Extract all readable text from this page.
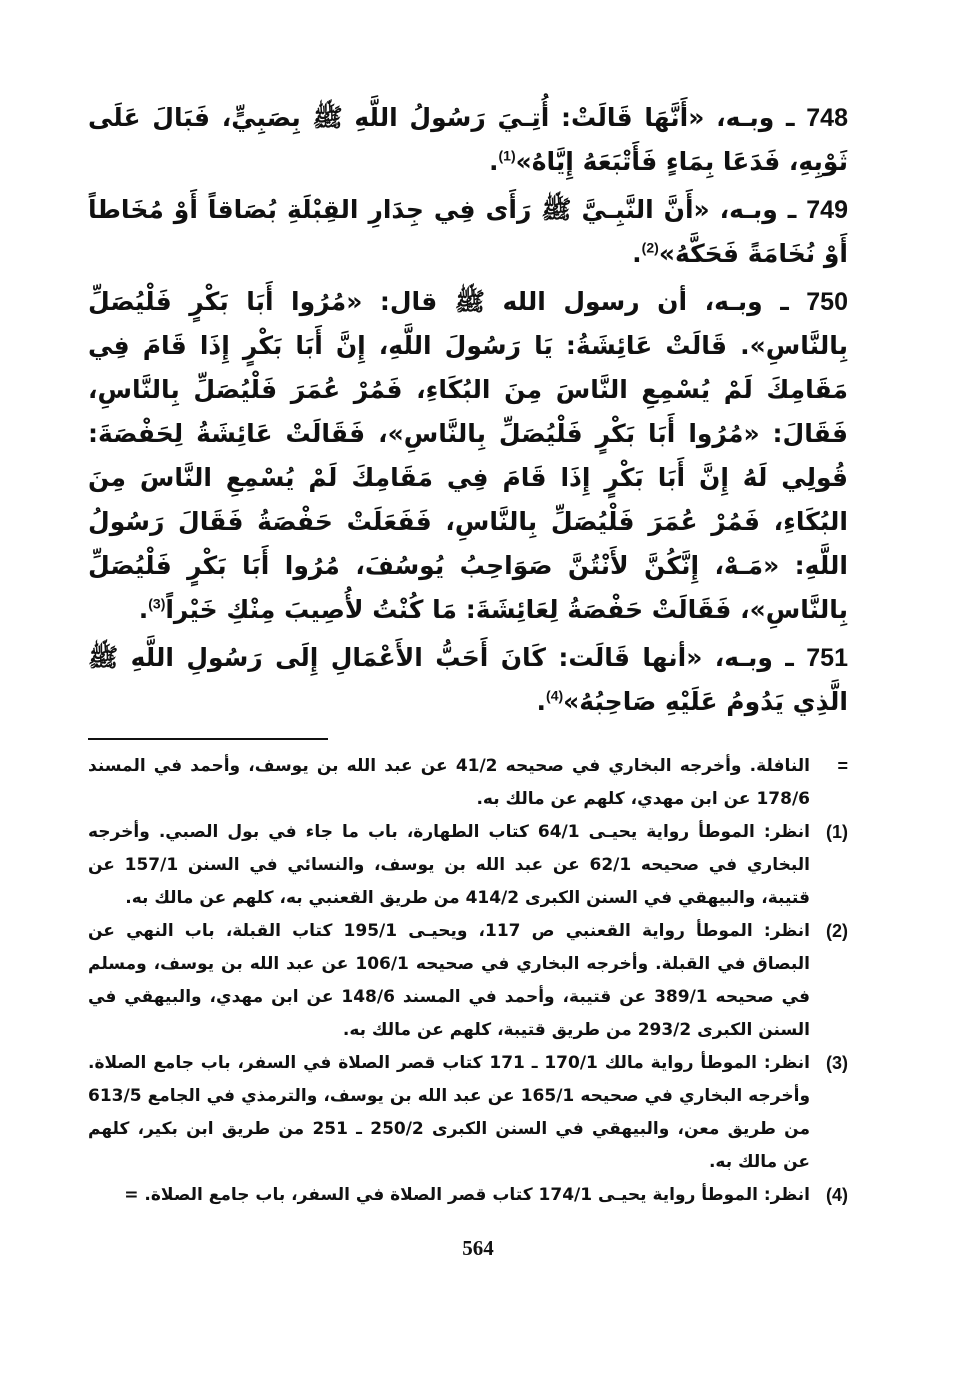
748 ـ وبـه، «أَنَّهَا قَالَتْ: أُتِـيَ رَسُولُ اللَّهِ ﷺ بِصَبِيٍّ، فَبَالَ عَلَى ثَوْبِهِ، فَدَعَا بِمَاءٍ فَأَتْبَعَهُ إِيَّاهُ»$^{(1)}$.

749 ـ وبـه، «أَنَّ النَّبِـيَّ ﷺ رَأَى فِي جِدَارِ القِبْلَةِ بُصَاقاً أَوْ مُخَاطاً أَوْ نُخَامَةً فَحَكَّهُ»$^{(2)}$.

750 ـ وبـه، أن رسول الله ﷺ قال: «مُرُوا أَبَا بَكْرٍ فَلْيُصَلِّ بِالنَّاسِ». قَالَتْ عَائِشَةُ: يَا رَسُولَ اللَّهِ، إِنَّ أَبَا بَكْرٍ إِذَا قَامَ فِي مَقَامِكَ لَمْ يُسْمِعِ النَّاسَ مِنَ البُكَاءِ، فَمُرْ عُمَرَ فَلْيُصَلِّ بِالنَّاسِ، فَقَالَ: «مُرُوا أَبَا بَكْرٍ فَلْيُصَلِّ بِالنَّاسِ»، فَقَالَتْ عَائِشَةُ لِحَفْصَةَ: قُولِي لَهُ إِنَّ أَبَا بَكْرٍ إِذَا قَامَ فِي مَقَامِكَ لَمْ يُسْمِعِ النَّاسَ مِنَ البُكَاءِ، فَمُرْ عُمَرَ فَلْيُصَلِّ بِالنَّاسِ، فَفَعَلَتْ حَفْصَةُ فَقَالَ رَسُولُ اللَّهِ: «مَـهْ، إِنَّكُنَّ لأَنْتُنَّ صَوَاحِبُ يُوسُفَ، مُرُوا أَبَا بَكْرٍ فَلْيُصَلِّ بِالنَّاسِ»، فَقَالَتْ حَفْصَةُ لِعَائِشَةَ: مَا كُنْتُ لأُصِيبَ مِنْكِ خَيْراً$^{(3)}$.

751 ـ وبـه، «أنها قَالَت: كَانَ أَحَبُّ الأَعْمَالِ إِلَى رَسُولِ اللَّهِ ﷺ الَّذِي يَدُومُ عَلَيْهِ صَاحِبُهُ»$^{(4)}$.

=
النافلة. وأخرجه البخاري في صحيحه 41/2 عن عبد الله بن يوسف، وأحمد في المسند 178/6 عن ابن مهدي، كلهم عن مالك به.
(1)
انظر: الموطأ رواية يحيـى 64/1 كتاب الطهارة، باب ما جاء في بول الصبي. وأخرجه البخاري في صحيحه 62/1 عن عبد الله بن يوسف، والنسائي في السنن 157/1 عن قتيبة، والبيهقي في السنن الكبرى 414/2 من طريق القعنبي به، كلهم عن مالك به.
(2)
انظر: الموطأ رواية القعنبي ص 117، ويحيـى 195/1 كتاب القبلة، باب النهي عن البصاق في القبلة. وأخرجه البخاري في صحيحه 106/1 عن عبد الله بن يوسف، ومسلم في صحيحه 389/1 عن قتيبة، وأحمد في المسند 148/6 عن ابن مهدي، والبيهقي في السنن الكبرى 293/2 من طريق قتيبة، كلهم عن مالك به.
(3)
انظر: الموطأ رواية مالك 170/1 ـ 171 كتاب قصر الصلاة في السفر، باب جامع الصلاة. وأخرجه البخاري في صحيحه 165/1 عن عبد الله بن يوسف، والترمذي في الجامع 613/5 من طريق معن، والبيهقي في السنن الكبرى 250/2 ـ 251 من طريق ابن بكير، كلهم عن مالك به.
(4)
انظر: الموطأ رواية يحيـى 174/1 كتاب قصر الصلاة في السفر، باب جامع الصلاة. =
564
